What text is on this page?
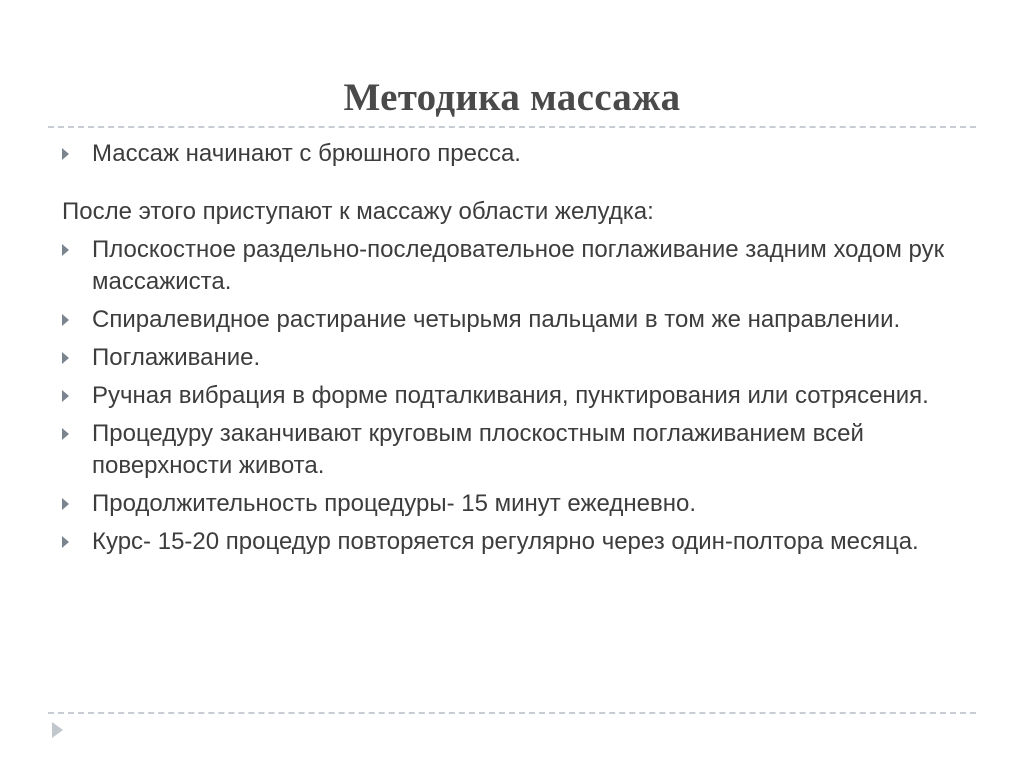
Методика массажа
Массаж начинают с брюшного пресса.
После этого приступают к массажу области желудка:
Плоскостное раздельно-последовательное поглаживание задним ходом рук массажиста.
Спиралевидное растирание четырьмя пальцами в том же направлении.
Поглаживание.
Ручная вибрация в форме подталкивания, пунктирования или сотрясения.
Процедуру заканчивают круговым плоскостным поглаживанием всей поверхности живота.
Продолжительность процедуры- 15 минут ежедневно.
Курс- 15-20 процедур повторяется регулярно через один-полтора месяца.
